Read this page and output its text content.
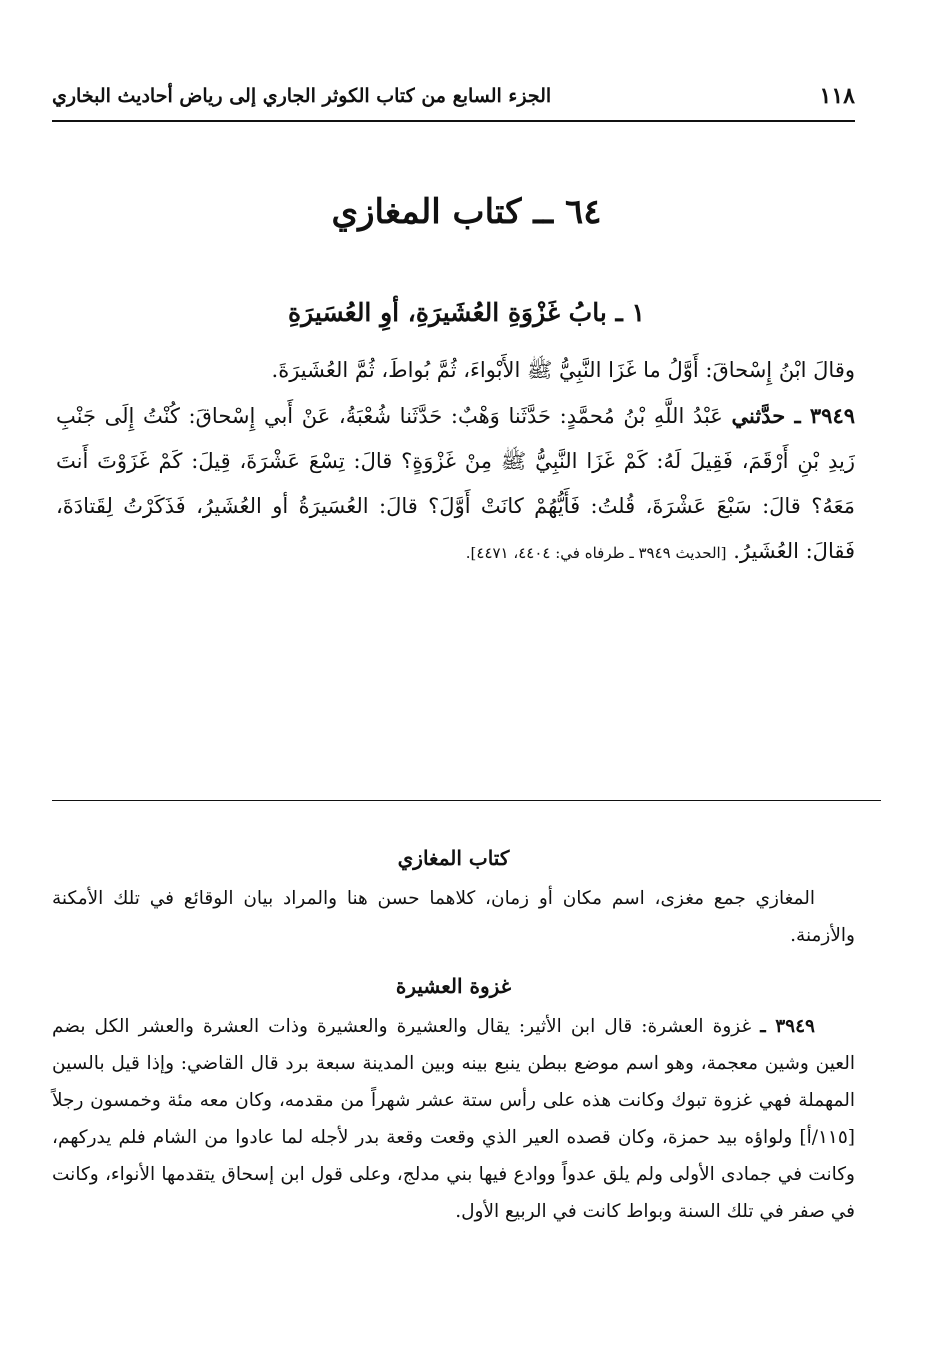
١١٨
الجزء السابع من كتاب الكوثر الجاري إلى رياض أحاديث البخاري
٦٤ ــ كتاب المغازي
١ ـ بابُ غَزْوَةِ العُشَيرَةِ، أوِ العُسَيرَةِ

وقالَ ابْنُ إِسْحاقَ: أَوَّلُ ما غَزَا النَّبِيُّ ﷺ الأَبْواءَ، ثُمَّ بُواطَ، ثُمَّ العُشَيرَةَ.

٣٩٤٩ ـ حدَّثني عَبْدُ اللَّهِ بْنُ مُحمَّدٍ: حَدَّثَنا وَهْبٌ: حَدَّثَنا شُعْبَةُ، عَنْ أَبي إِسْحاقَ: كُنْتُ إِلَى جَنْبِ زَيدِ بْنِ أَرْقَمَ، فَقِيلَ لَهُ: كَمْ غَزَا النَّبِيُّ ﷺ مِنْ غَزْوَةٍ؟ قالَ: تِسْعَ عَشْرَةَ، قِيلَ: كَمْ غَزَوْتَ أَنتَ مَعَهُ؟ قالَ: سَبْعَ عَشْرَةَ، قُلتُ: فَأَيُّهُمْ كانَتْ أَوَّلَ؟ قالَ: العُسَيرَةُ أو العُشَيرُ، فَذَكَرْتُ لِقَتادَةَ، فَقالَ: العُشَيرُ. [الحديث ٣٩٤٩ ـ طرفاه في: ٤٤٠٤، ٤٤٧١].

كتاب المغازي

المغازي جمع مغزى، اسم مكان أو زمان، كلاهما حسن هنا والمراد بيان الوقائع في تلك الأمكنة والأزمنة.

غزوة العشيرة

٣٩٤٩ ـ غزوة العشرة: قال ابن الأثير: يقال والعشيرة والعشيرة وذات العشرة والعشر الكل بضم العين وشين معجمة، وهو اسم موضع ببطن ينبع بينه وبين المدينة سبعة برد قال القاضي: وإذا قيل بالسين المهملة فهي غزوة تبوك وكانت هذه على رأس ستة عشر شهراً من مقدمه، وكان معه مئة وخمسون رجلاً [١١٥/أ] ولواؤه بيد حمزة، وكان قصده العير الذي وقعت وقعة بدر لأجله لما عادوا من الشام فلم يدركهم، وكانت في جمادى الأولى ولم يلق عدواً ووادع فيها بني مدلج، وعلى قول ابن إسحاق يتقدمها الأنواء، وكانت في صفر في تلك السنة وبواط كانت في الربيع الأول.
